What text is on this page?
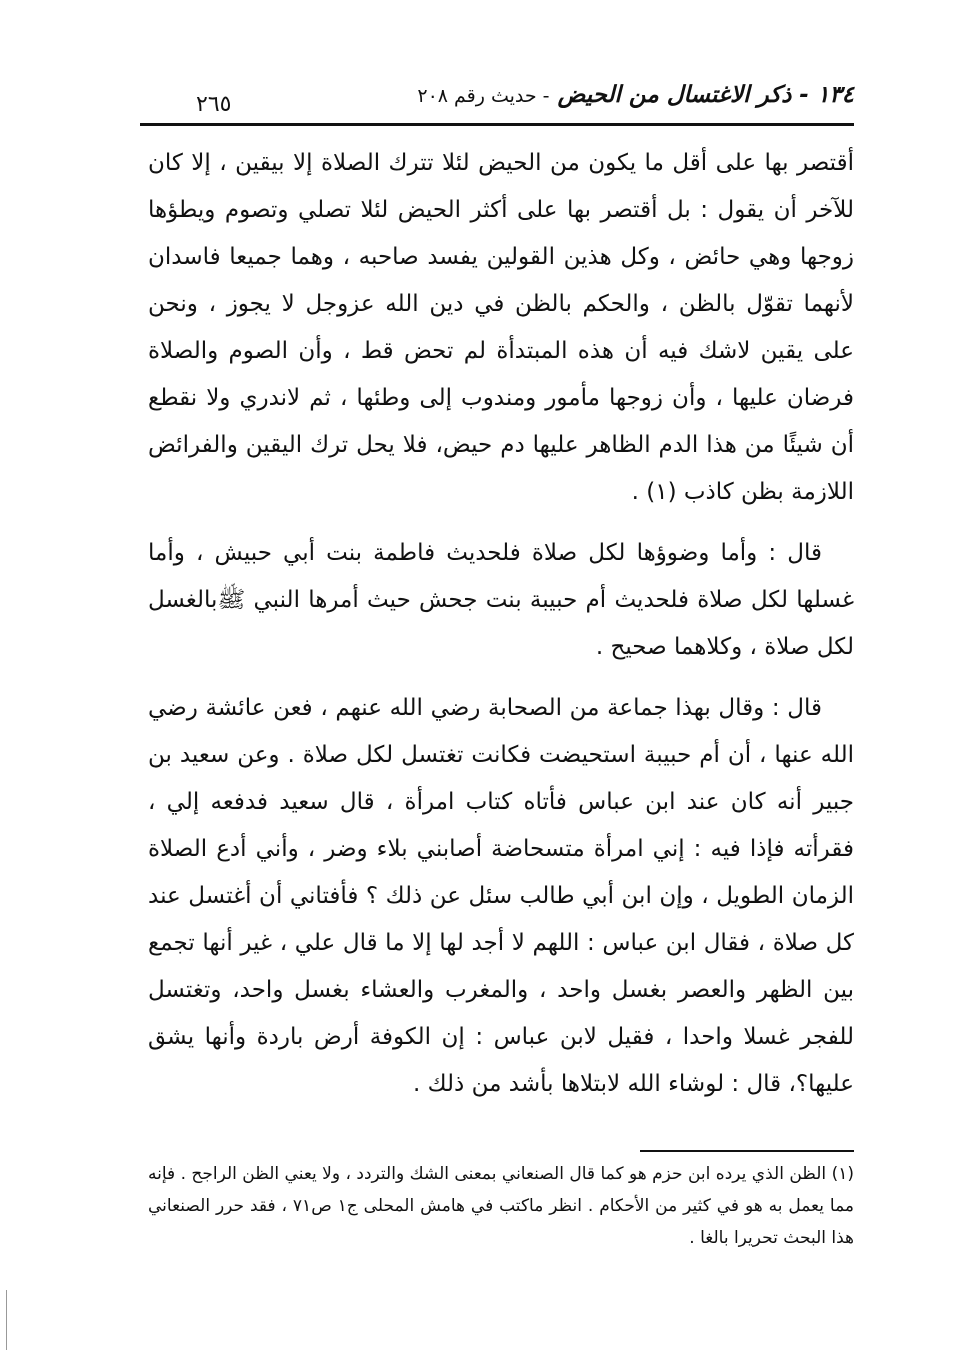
١٣٤ - ذكر الاغتسال من الحيض - حديث رقم ٢٠٨
٢٦٥

أقتصر بها على أقل ما يكون من الحيض لئلا تترك الصلاة إلا بيقين ، إلا كان للآخر أن يقول : بل أقتصر بها على أكثر الحيض لئلا تصلي وتصوم ويطؤها زوجها وهي حائض ، وكل هذين القولين يفسد صاحبه ، وهما جميعا فاسدان لأنهما تقوّل بالظن ، والحكم بالظن في دين الله عزوجل لا يجوز ، ونحن على يقين لاشك فيه أن هذه المبتدأة لم تحض قط ، وأن الصوم والصلاة فرضان عليها ، وأن زوجها مأمور ومندوب إلى وطئها ، ثم لاندري ولا نقطع أن شيئًا من هذا الدم الظاهر عليها دم حيض، فلا يحل ترك اليقين والفرائض اللازمة بظن كاذب (١) .

قال : وأما وضوؤها لكل صلاة فلحديث فاطمة بنت أبي حبيش ، وأما غسلها لكل صلاة فلحديث أم حبيبة بنت جحش حيث أمرها النبي ﷺبالغسل لكل صلاة ، وكلاهما صحيح .

قال : وقال بهذا جماعة من الصحابة رضي الله عنهم ، فعن عائشة رضي الله عنها ، أن أم حبيبة استحيضت فكانت تغتسل لكل صلاة . وعن سعيد بن جبير أنه كان عند ابن عباس فأتاه كتاب امرأة ، قال سعيد فدفعه إلي ، فقرأته فإذا فيه : إني امرأة متسحاضة أصابني بلاء وضر ، وأني أدع الصلاة الزمان الطويل ، وإن ابن أبي طالب سئل عن ذلك ؟ فأفتاني أن أغتسل عند كل صلاة ، فقال ابن عباس : اللهم لا أجد لها إلا ما قال علي ، غير أنها تجمع بين الظهر والعصر بغسل واحد ، والمغرب والعشاء بغسل واحد، وتغتسل للفجر غسلا واحدا ، فقيل لابن عباس : إن الكوفة أرض باردة وأنها يشق عليها؟، قال : لوشاء الله لابتلاها بأشد من ذلك .

(١) الظن الذي يرده ابن حزم هو كما قال الصنعاني بمعنى الشك والتردد ، ولا يعني الظن الراجح . فإنه مما يعمل به هو في كثير من الأحكام . انظر ماكتب في هامش المحلى ج١ ص٧١ ، فقد حرر الصنعاني هذا البحث تحريرا بالغا .
